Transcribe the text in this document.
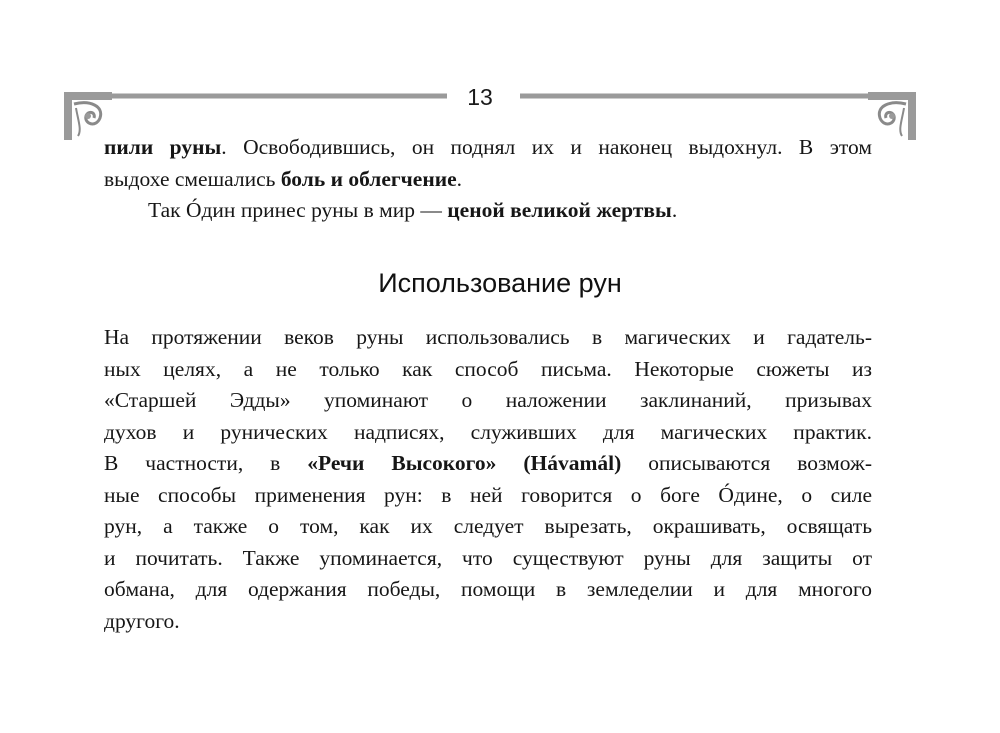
13

пили руны. Освободившись, он поднял их и наконец выдохнул. В этом
выдохе смешались боль и облегчение.

Так Óдин принес руны в мир — ценой великой жертвы.

Использование рун

На протяжении веков руны использовались в магических и гадатель-
ных целях, а не только как способ письма. Некоторые сюжеты из
«Старшей Эдды» упоминают о наложении заклинаний, призывах
духов и рунических надписях, служивших для магических практик.
В частности, в «Речи Высокого» (Hávamál) описываются возмож-
ные способы применения рун: в ней говорится о боге Óдине, о силе
рун, а также о том, как их следует вырезать, окрашивать, освящать
и почитать. Также упоминается, что существуют руны для защиты от
обмана, для одержания победы, помощи в земледелии и для многого
другого.
